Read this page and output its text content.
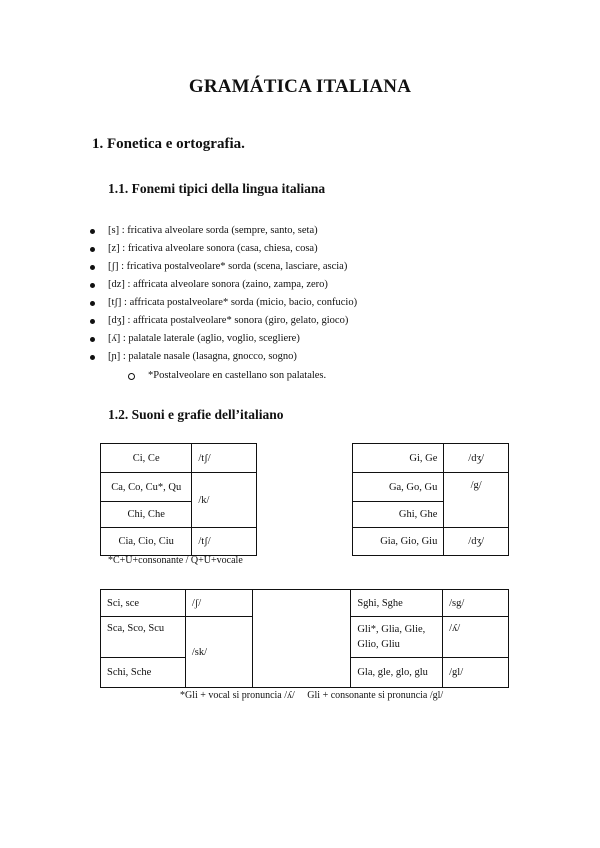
GRAMÁTICA ITALIANA
1. Fonetica e ortografia.
1.1. Fonemi tipici della lingua italiana
[s] : fricativa alveolare sorda (sempre, santo, seta)
[z] : fricativa alveolare sonora (casa, chiesa, cosa)
[ʃ] : fricativa postalveolare* sorda (scena, lasciare, ascia)
[dz] : affricata alveolare sonora (zaino, zampa, zero)
[tʃ] : affricata postalveolare* sorda (micio, bacio, confucio)
[dʒ] : affricata postalveolare* sonora (giro, gelato, gioco)
[ʎ] : palatale laterale (aglio, voglio, scegliere)
[ɲ] : palatale nasale (lasagna, gnocco, sogno)
*Postalveolare en castellano son palatales.
1.2. Suoni e grafie dell’italiano
Ci, Ce	/tʃ/
Ca, Co, Cu*, Qu	/k/
Chi, Che	
Cia, Cio, Ciu	/tʃ/
Gi, Ge	/dʒ/
Ga, Go, Gu	/g/
Ghi, Ghe	
Gia, Gio, Giu	/dʒ/
*C+U+consonante / Q+U+vocale
Sci, sce	/ʃ/		Sghi, Sghe	/sg/
Sca, Sco, Scu	/sk/		Gli*, Glia, Glie, Glio, Gliu	/ʎ/
Schi, Sche			Gla, gle, glo, glu	/gl/
*Gli + vocal si pronuncia /ʎ/     Gli + consonante si pronuncia /gl/
